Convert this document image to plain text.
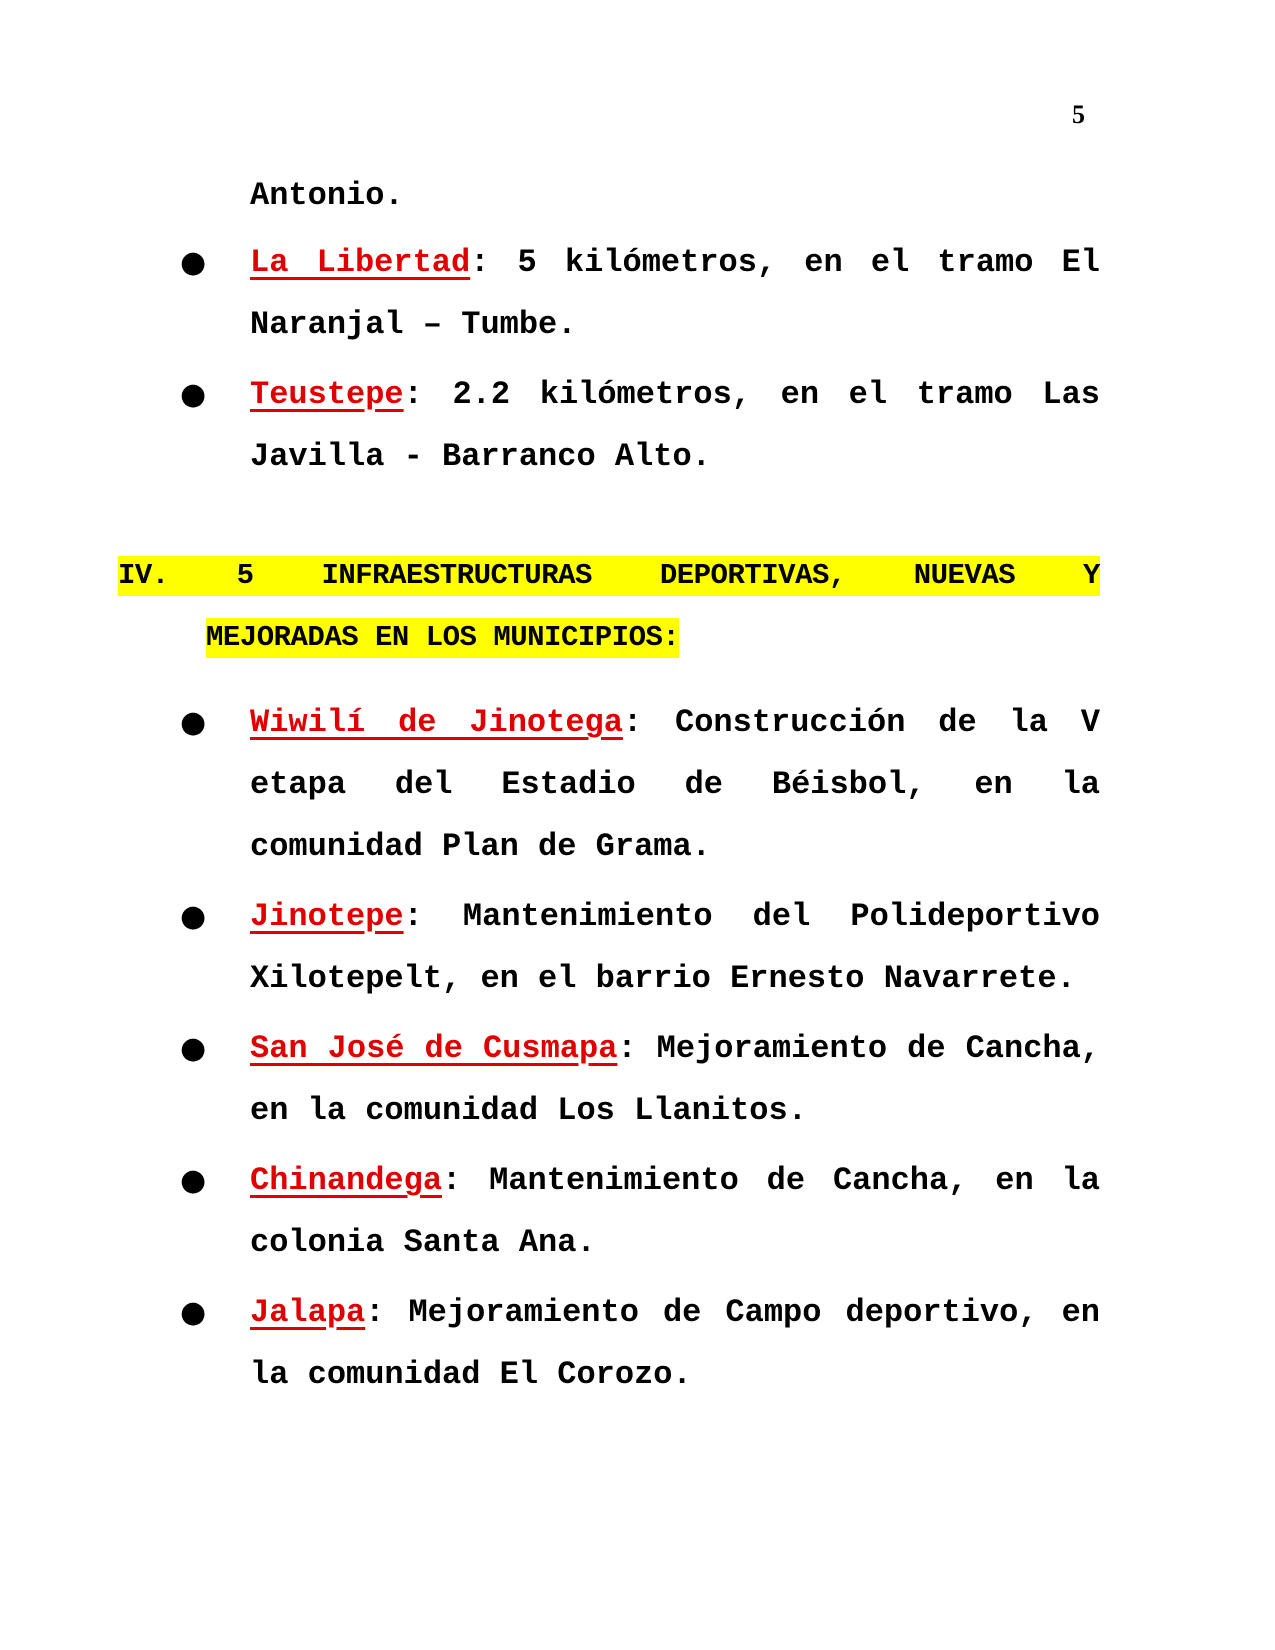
5
Antonio.
● La Libertad: 5 kilómetros, en el tramo El Naranjal – Tumbe.
● Teustepe: 2.2 kilómetros, en el tramo Las Javilla - Barranco Alto.
IV. 5 INFRAESTRUCTURAS DEPORTIVAS, NUEVAS Y
MEJORADAS EN LOS MUNICIPIOS:
● Wiwilí de Jinotega: Construcción de la V etapa del Estadio de Béisbol, en la comunidad Plan de Grama.
● Jinotepe: Mantenimiento del Polideportivo Xilotepelt, en el barrio Ernesto Navarrete.
● San José de Cusmapa: Mejoramiento de Cancha, en la comunidad Los Llanitos.
● Chinandega: Mantenimiento de Cancha, en la colonia Santa Ana.
● Jalapa: Mejoramiento de Campo deportivo, en la comunidad El Corozo.
